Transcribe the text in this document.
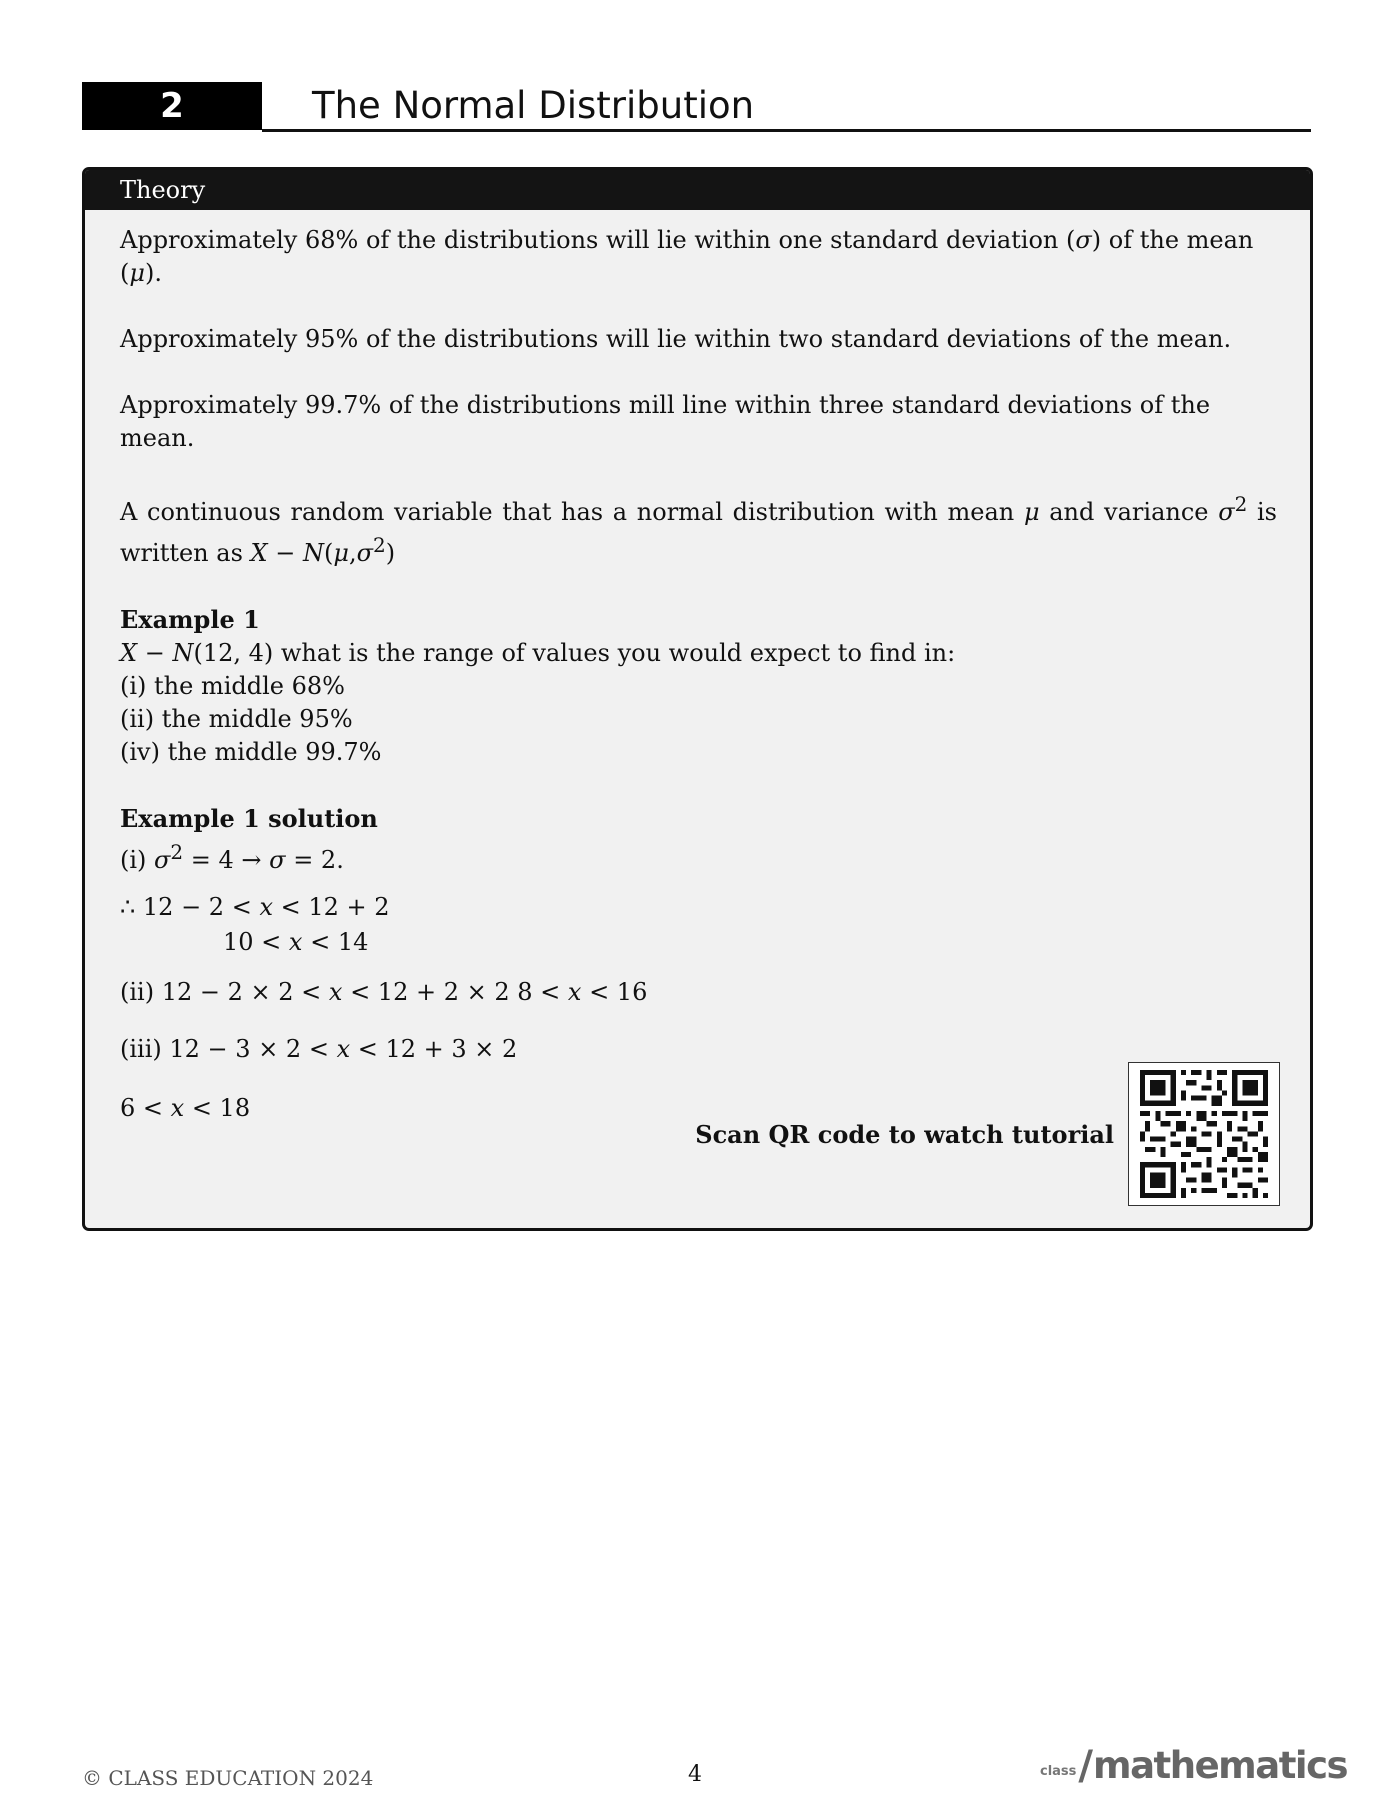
2	The Normal Distribution
Theory

Approximately 68% of the distributions will lie within one standard deviation (σ) of the mean (μ).

Approximately 95% of the distributions will lie within two standard deviations of the mean.

Approximately 99.7% of the distributions mill line within three standard deviations of the mean.

A continuous random variable that has a normal distribution with mean μ and variance $\sigma^2$ is

written as $X - N(\mu,\sigma^2)$

Example 1

X − N(12, 4) what is the range of values you would expect to find in:

(i) the middle 68%

(ii) the middle 95%

(iv) the middle 99.7%

Example 1 solution

(i) $\sigma^2 = 4 \to \sigma = 2$.

∴ 12 − 2 < x < 12 + 2

10 < x < 14

(ii) 12 − 2 × 2 < x < 12 + 2 × 2 8 < x < 16

(iii) 12 − 3 × 2 < x < 12 + 3 × 2

6 < x < 18

Scan QR code to watch tutorial
© CLASS EDUCATION 2024	4	class / mathematics
